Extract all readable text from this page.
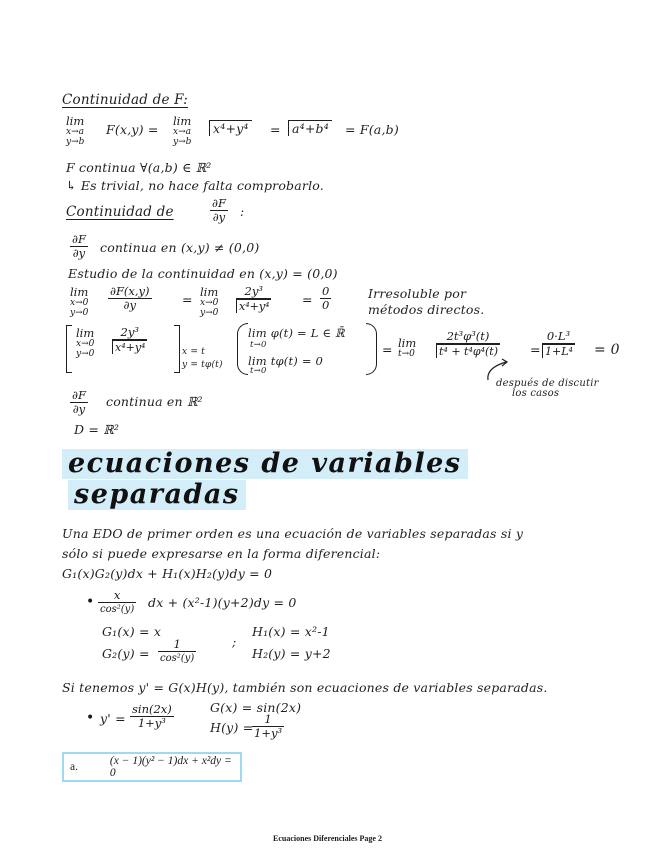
Continuidad de F:
lim
x→a
y→b
F(x,y) =
lim
x→a
y→b
x⁴+y⁴ = a⁴+b⁴ = F(a,b)
F continua ∀(a,b) ∈ ℝ²
↳ Es trivial, no hace falta comprobarlo.
Continuidad de
∂F
∂y :
∂F
∂y continua en (x,y) ≠ (0,0)
Estudio de la continuidad en (x,y) = (0,0)
lim
x→0
y→0
∂F(x,y)
∂y	= lim
x→0
$y\to 0 \frac{\text{2y³}}{\text{x⁴+y⁴}}$ =
0
0
Irresoluble por
métodos directos.
lim
x→0
$y\to 0 \frac{\text{2y³}}{\text{x⁴+y⁴}}$	x = t
y = tφ(t)
lim φ(t) = L ∈ ℝ̄
t→0
lim tφ(t) = 0
t→0
= lim
$t\to 0 \frac{\text{2t³φ³(t)}}{\text{t⁴ + t⁴φ⁴(t)}} = \frac{\text{0·L³}}{\text{1+L⁴}} = 0$
después de discutir
los casos
∂F
∂y continua en ℝ²
D = ℝ²
ecuaciones de variables
separadas
Una EDO de primer orden es una ecuación de variables separadas si y
sólo si puede expresarse en la forma diferencial:
G₁(x)G₂(y)dx + H₁(x)H₂(y)dy = 0
• x
cos²(y) dx + (x²-1)(y+2)dy = 0
G₁(x) = x
G₂(y) =
1
cos²(y)
;
H₁(x) = x²-1
H₂(y) = y+2
Si tenemos y' = G(x)H(y), también son ecuaciones de variables separadas.
• y' =
sin(2x)
1+y³
G(x) = sin(2x)
H(y) =
1
1+y³
a.	(x − 1)(y² − 1)dx + x²dy = 0
Ecuaciones Diferenciales Page 2
